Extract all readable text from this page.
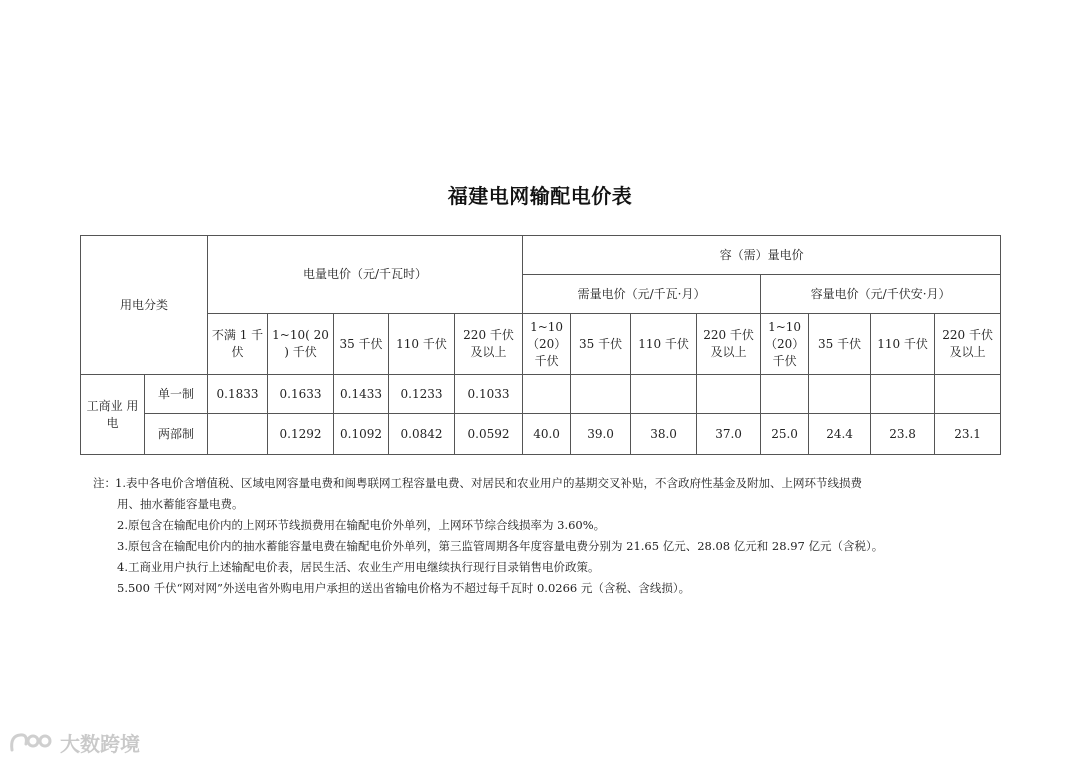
福建电网输配电价表
用电分类		电量电价（元/千瓦时）					容（需）量电价							
							需量电价（元/千瓦·月）				容量电价（元/千伏安·月）			
		不满 1 千伏	1~10( 20 ) 千伏	35 千伏	110 千伏	220 千伏 及以上	1~10 （20） 千伏	35 千伏	110 千伏	220 千伏 及以上	1~10 （20） 千伏	35 千伏	110 千伏	220 千伏 及以上
工商业 用电	单一制	0.1833	0.1633	0.1433	0.1233	0.1033								
	两部制		0.1292	0.1092	0.0842	0.0592	40.0	39.0	38.0	37.0	25.0	24.4	23.8	23.1
注： 1.表中各电价含增值税、区域电网容量电费和闽粤联网工程容量电费、对居民和农业用户的基期交叉补贴，不含政府性基金及附加、上网环节线损费
用、抽水蓄能容量电费。
2.原包含在输配电价内的上网环节线损费用在输配电价外单列，上网环节综合线损率为 3.60%。
3.原包含在输配电价内的抽水蓄能容量电费在输配电价外单列，第三监管周期各年度容量电费分别为 21.65 亿元、28.08 亿元和 28.97 亿元（含税）。
4.工商业用户执行上述输配电价表，居民生活、农业生产用电继续执行现行目录销售电价政策。
5.500 千伏“网对网”外送电省外购电用户承担的送出省输电价格为不超过每千瓦时 0.0266 元（含税、含线损）。
大数跨境
